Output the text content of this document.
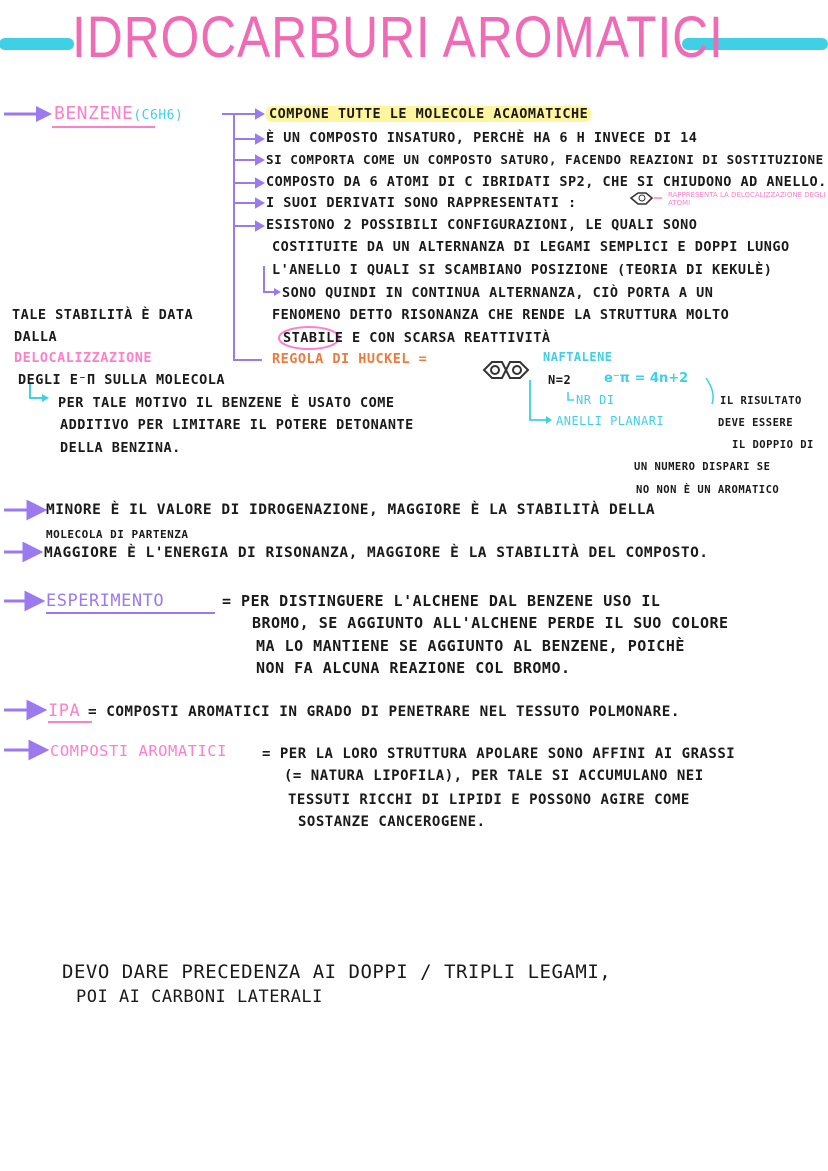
IDROCARBURI AROMATICI
BENZENE(C6H6)	COMPONE TUTTE LE MOLECOLE ACAOMATICHE
È UN COMPOSTO INSATURO, PERCHÈ HA 6 H INVECE DI 14
SI COMPORTA COME UN COMPOSTO SATURO, FACENDO REAZIONI DI SOSTITUZIONE
COMPOSTO DA 6 ATOMI DI C IBRIDATI SP2, CHE SI CHIUDONO AD ANELLO.
I SUOI DERIVATI SONO RAPPRESENTATI :	RAPPRESENTA LA DELOCALIZZAZIONE DEGLI ATOMI
ESISTONO 2 POSSIBILI CONFIGURAZIONI, LE QUALI SONO
COSTITUITE DA UN ALTERNANZA DI LEGAMI SEMPLICI E DOPPI LUNGO
L'ANELLO I QUALI SI SCAMBIANO POSIZIONE (TEORIA DI KEKULÈ)
SONO QUINDI IN CONTINUA ALTERNANZA, CIÒ PORTA A UN
FENOMENO DETTO RISONANZA CHE RENDE LA STRUTTURA MOLTO
STABILE E CON SCARSA REATTIVITÀ
REGOLA DI HUCKEL =	NAFTALENE
N=2	e⁻π = 4n+2
NR DI
ANELLI PLANARI
IL RISULTATO
DEVE ESSERE
IL DOPPIO DI
UN NUMERO DISPARI SE
NO NON È UN AROMATICO
TALE STABILITÀ È DATA
DALLA
DELOCALIZZAZIONE
DEGLI E⁻Π SULLA MOLECOLA
PER TALE MOTIVO IL BENZENE È USATO COME
ADDITIVO PER LIMITARE IL POTERE DETONANTE
DELLA BENZINA.
MINORE È IL VALORE DI IDROGENAZIONE, MAGGIORE È LA STABILITÀ DELLA
MOLECOLA DI PARTENZA
MAGGIORE È L'ENERGIA DI RISONANZA, MAGGIORE È LA STABILITÀ DEL COMPOSTO.
ESPERIMENTO	= PER DISTINGUERE L'ALCHENE DAL BENZENE USO IL
BROMO, SE AGGIUNTO ALL'ALCHENE PERDE IL SUO COLORE
MA LO MANTIENE SE AGGIUNTO AL BENZENE, POICHÈ
NON FA ALCUNA REAZIONE COL BROMO.
IPA = COMPOSTI AROMATICI IN GRADO DI PENETRARE NEL TESSUTO POLMONARE.
COMPOSTI AROMATICI	= PER LA LORO STRUTTURA APOLARE SONO AFFINI AI GRASSI
(= NATURA LIPOFILA), PER TALE SI ACCUMULANO NEI
TESSUTI RICCHI DI LIPIDI E POSSONO AGIRE COME
SOSTANZE CANCEROGENE.
DEVO DARE PRECEDENZA AI DOPPI / TRIPLI LEGAMI,
POI AI CARBONI LATERALI
